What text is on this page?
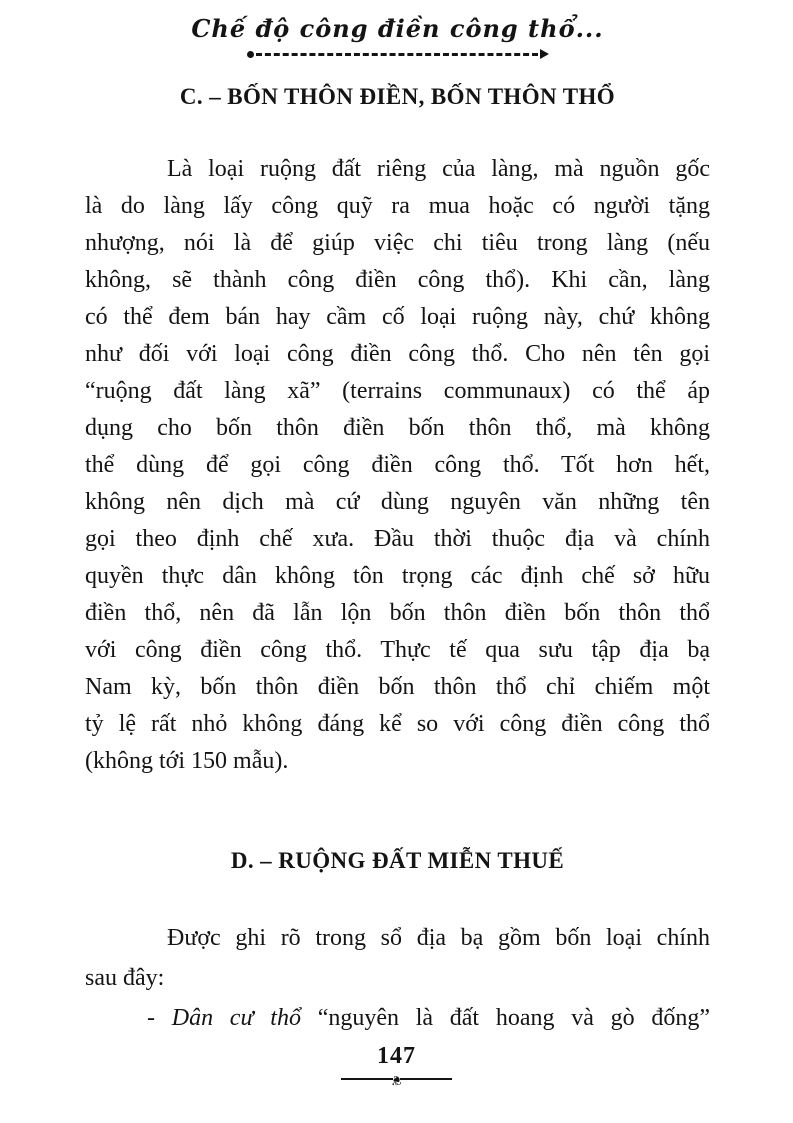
Chế độ công điền công thổ...
C. – BỐN THÔN ĐIỀN, BỐN THÔN THỔ
Là loại ruộng đất riêng của làng, mà nguồn gốc
là do làng lấy công quỹ ra mua hoặc có người tặng
nhượng, nói là để giúp việc chi tiêu trong làng (nếu
không, sẽ thành công điền công thổ). Khi cần, làng
có thể đem bán hay cầm cố loại ruộng này, chứ không
như đối với loại công điền công thổ. Cho nên tên gọi
“ruộng đất làng xã” (terrains communaux) có thể áp
dụng cho bốn thôn điền bốn thôn thổ, mà không
thể dùng để gọi công điền công thổ. Tốt hơn hết,
không nên dịch mà cứ dùng nguyên văn những tên
gọi theo định chế xưa. Đầu thời thuộc địa và chính
quyền thực dân không tôn trọng các định chế sở hữu
điền thổ, nên đã lẫn lộn bốn thôn điền bốn thôn thổ
với công điền công thổ. Thực tế qua sưu tập địa bạ
Nam kỳ, bốn thôn điền bốn thôn thổ chỉ chiếm một
tỷ lệ rất nhỏ không đáng kể so với công điền công thổ
(không tới 150 mẫu).
D. – RUỘNG ĐẤT MIỄN THUẾ
Được ghi rõ trong sổ địa bạ gồm bốn loại chính
sau đây:
- Dân cư thổ “nguyên là đất hoang và gò đống”
147
❦
